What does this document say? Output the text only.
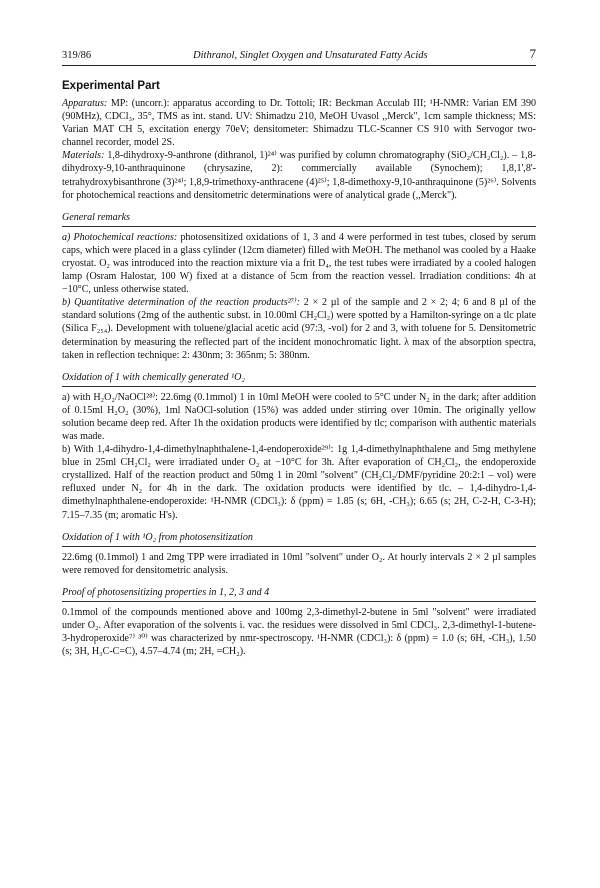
319/86	Dithranol, Singlet Oxygen and Unsaturated Fatty Acids	7
Experimental Part

Apparatus: MP: (uncorr.): apparatus according to Dr. Tottoli; IR: Beckman Acculab III; ¹H-NMR: Varian EM 390 (90MHz), CDCl₃, 35°, TMS as int. stand. UV: Shimadzu 210, MeOH Uvasol ,,Merck", 1cm sample thickness; MS: Varian MAT CH 5, excitation energy 70eV; densitometer: Shimadzu TLC-Scanner CS 910 with Servogor two-channel recorder, model 2S.

Materials: 1,8-dihydroxy-9-anthrone (dithranol, 1)²⁴⁾ was purified by column chromatography (SiO₂/CH₂Cl₂). – 1,8-dihydroxy-9,10-anthraquinone (chrysazine, 2): commercially available (Synochem); 1,8,1',8'-tetrahydroxybisanthrone (3)²⁴⁾; 1,8,9-trimethoxy-anthracene (4)²⁵⁾; 1,8-dimethoxy-9,10-anthraquinone (5)²⁶⁾. Solvents for photochemical reactions and densitometric determinations were of analytical grade (,,Merck").

General remarks

a) Photochemical reactions: photosensitized oxidations of 1, 3 and 4 were performed in test tubes, closed by serum caps, which were placed in a glass cylinder (12cm diameter) filled with MeOH. The methanol was cooled by a Haake cryostat. O₂ was introduced into the reaction mixture via a frit D₄, the test tubes were irradiated by a cooled halogen lamp (Osram Halostar, 100 W) fixed at a distance of 5cm from the reaction vessel. Irradiation conditions: 4h at −10°C, unless otherwise stated.

b) Quantitative determination of the reaction products²⁷⁾: 2 × 2 µl of the sample and 2 × 2; 4; 6 and 8 µl of the standard solutions (2mg of the authentic subst. in 10.00ml CH₂Cl₂) were spotted by a Hamilton-syringe on a tlc plate (Silica F₂₅₄). Development with toluene/glacial acetic acid (97:3, -vol) for 2 and 3, with toluene for 5. Densitometric determination by measuring the reflected part of the incident monochromatic light. λ max of the absorption spectra, taken in reflection technique: 2: 430nm; 3: 365nm; 5: 380nm.

Oxidation of 1 with chemically generated ¹O₂

a) with H₂O₂/NaOCl²⁸⁾: 22.6mg (0.1mmol) 1 in 10ml MeOH were cooled to 5°C under N₂ in the dark; after addition of 0.15ml H₂O₂ (30%), 1ml NaOCl-solution (15%) was added under stirring over 10min. The originally yellow solution became deep red. After 1h the oxidation products were identified by tlc; comparison with authentic materials was made.

b) With 1,4-dihydro-1,4-dimethylnaphthalene-1,4-endoperoxide²⁹⁾: 1g 1,4-dimethylnaphthalene and 5mg methylene blue in 25ml CH₂Cl₂ were irradiated under O₂ at −10°C for 3h. After evaporation of CH₂Cl₂, the endoperoxide crystallized. Half of the reaction product and 50mg 1 in 20ml "solvent" (CH₂Cl₂/DMF/pyridine 20:2:1 – vol) were refluxed under N₂ for 4h in the dark. The oxidation products were identified by tlc. – 1,4-dihydro-1,4-dimethylnaphthalene-endoperoxide: ¹H-NMR (CDCl₃): δ (ppm) = 1.85 (s; 6H, -CH₃); 6.65 (s; 2H, C-2-H, C-3-H); 7.15–7.35 (m; aromatic H's).

Oxidation of 1 with ¹O₂ from photosensitization

22.6mg (0.1mmol) 1 and 2mg TPP were irradiated in 10ml "solvent" under O₂. At hourly intervals 2 × 2 µl samples were removed for densitometric analysis.

Proof of photosensitizing properties in 1, 2, 3 and 4

0.1mmol of the compounds mentioned above and 100mg 2,3-dimethyl-2-butene in 5ml "solvent" were irradiated under O₂. After evaporation of the solvents i. vac. the residues were dissolved in 5ml CDCl₃. 2,3-dimethyl-1-butene-3-hydroperoxide⁷⁾ ³⁰⁾ was characterized by nmr-spectroscopy. ¹H-NMR (CDCl₃): δ (ppm) = 1.0 (s; 6H, -CH₃), 1.50 (s; 3H, H₃C-C=C), 4.57–4.74 (m; 2H, =CH₂).
